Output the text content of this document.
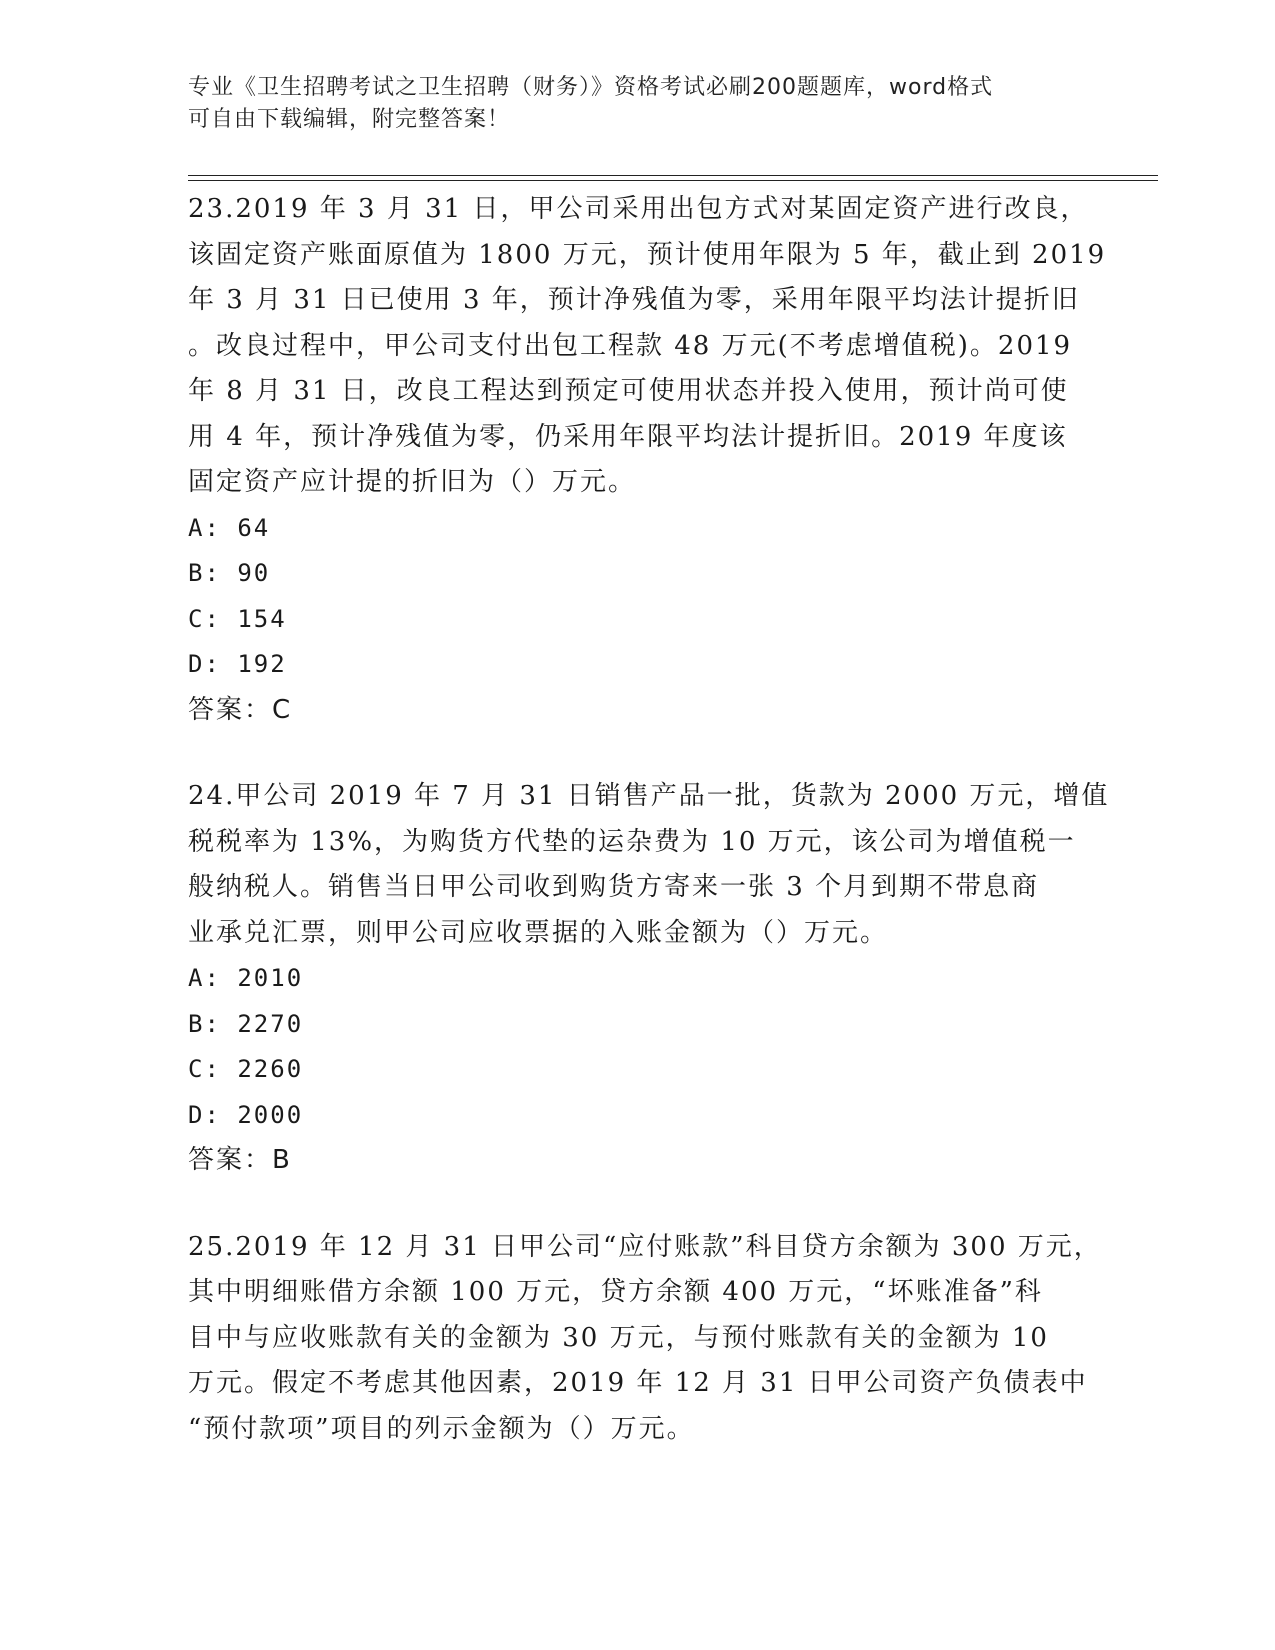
专业《卫生招聘考试之卫生招聘（财务）》资格考试必刷200题题库，word格式
可自由下载编辑，附完整答案！
23.2019 年 3 月 31 日，甲公司采用出包方式对某固定资产进行改良，
该固定资产账面原值为 1800 万元，预计使用年限为 5 年，截止到 2019
年 3 月 31 日已使用 3 年，预计净残值为零，采用年限平均法计提折旧
。改良过程中，甲公司支付出包工程款 48 万元(不考虑增值税)。2019
年 8 月 31 日，改良工程达到预定可使用状态并投入使用，预计尚可使
用 4 年，预计净残值为零，仍采用年限平均法计提折旧。2019 年度该
固定资产应计提的折旧为（）万元。
A: 64
B: 90
C: 154
D: 192
答案：C
24.甲公司 2019 年 7 月 31 日销售产品一批，货款为 2000 万元，增值
税税率为 13%，为购货方代垫的运杂费为 10 万元，该公司为增值税一
般纳税人。销售当日甲公司收到购货方寄来一张 3 个月到期不带息商
业承兑汇票，则甲公司应收票据的入账金额为（）万元。
A: 2010
B: 2270
C: 2260
D: 2000
答案：B
25.2019 年 12 月 31 日甲公司“应付账款”科目贷方余额为 300 万元，
其中明细账借方余额 100 万元，贷方余额 400 万元，“坏账准备”科
目中与应收账款有关的金额为 30 万元，与预付账款有关的金额为 10
万元。假定不考虑其他因素，2019 年 12 月 31 日甲公司资产负债表中
“预付款项”项目的列示金额为（）万元。
